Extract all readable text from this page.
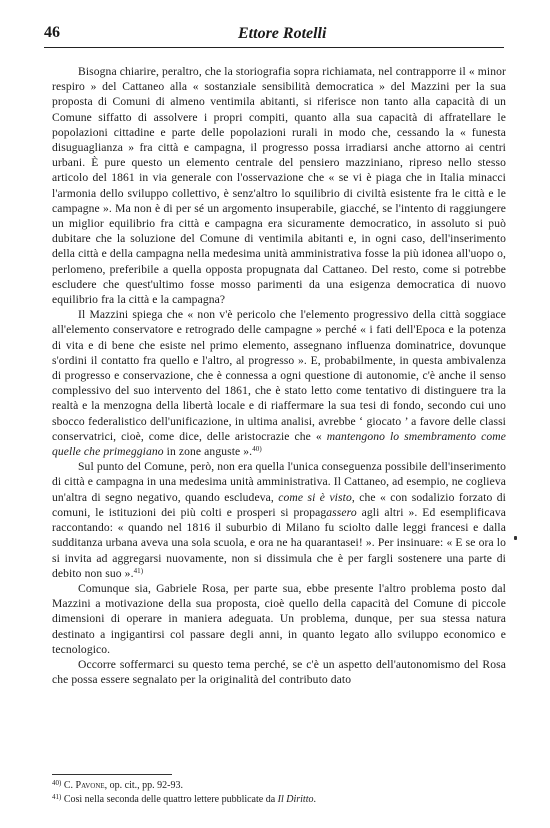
46	Ettore Rotelli

Bisogna chiarire, peraltro, che la storiografia sopra richiamata, nel contrapporre il « minor respiro » del Cattaneo alla « sostanziale sensibilità democratica » del Mazzini per la sua proposta di Comuni di almeno ventimila abitanti, si riferisce non tanto alla capacità di un Comune siffatto di assolvere i propri compiti, quanto alla sua capacità di affratellare le popolazioni cittadine e parte delle popolazioni rurali in modo che, cessando la « funesta disuguaglianza » fra città e campagna, il progresso possa irradiarsi anche attorno ai centri urbani. È pure questo un elemento centrale del pensiero mazziniano, ripreso nello stesso articolo del 1861 in via generale con l'osservazione che « se vi è piaga che in Italia minacci l'armonia dello sviluppo collettivo, è senz'altro lo squilibrio di civiltà esistente fra le città e le campagne ». Ma non è di per sé un argomento insuperabile, giacché, se l'intento di raggiungere un miglior equilibrio fra città e campagna era sicuramente democratico, in assoluto si può dubitare che la soluzione del Comune di ventimila abitanti e, in ogni caso, dell'inserimento della città e della campagna nella medesima unità amministrativa fosse la più idonea all'uopo o, perlomeno, preferibile a quella opposta propugnata dal Cattaneo. Del resto, come si potrebbe escludere che quest'ultimo fosse mosso parimenti da una esigenza democratica di nuovo equilibrio fra la città e la campagna?

Il Mazzini spiega che « non v'è pericolo che l'elemento progressivo della città soggiace all'elemento conservatore e retrogrado delle campagne » perché « i fati dell'Epoca e la potenza di vita e di bene che esiste nel primo elemento, assegnano influenza dominatrice, dovunque s'ordini il contatto fra quello e l'altro, al progresso ». E, probabilmente, in questa ambivalenza di progresso e conservazione, che è connessa a ogni questione di autonomie, c'è anche il senso complessivo del suo intervento del 1861, che è stato letto come tentativo di distinguere tra la realtà e la menzogna della libertà locale e di riaffermare la sua tesi di fondo, secondo cui uno sbocco federalistico dell'unificazione, in ultima analisi, avrebbe ‘ giocato ’ a favore delle classi conservatrici, cioè, come dice, delle aristocrazie che « mantengono lo smembramento come quelle che primeggiano in zone anguste ».$^{40)}$

Sul punto del Comune, però, non era quella l'unica conseguenza possibile dell'inserimento di città e campagna in una medesima unità amministrativa. Il Cattaneo, ad esempio, ne coglieva un'altra di segno negativo, quando escludeva, come si è visto, che « con sodalizio forzato di comuni, le istituzioni dei più colti e prosperi si propagassero agli altri ». Ed esemplificava raccontando: « quando nel 1816 il suburbio di Milano fu sciolto dalle leggi francesi e dalla sudditanza urbana aveva una sola scuola, e ora ne ha quarantasei! ». Per insinuare: « E se ora lo si invita ad aggregarsi nuovamente, non si dissimula che è per fargli sostenere una parte di debito non suo ».$^{41)}$

Comunque sia, Gabriele Rosa, per parte sua, ebbe presente l'altro problema posto dal Mazzini a motivazione della sua proposta, cioè quello della capacità del Comune di piccole dimensioni di operare in maniera adeguata. Un problema, dunque, per sua stessa natura destinato a ingigantirsi col passare degli anni, in quanto legato allo sviluppo economico e tecnologico.

Occorre soffermarci su questo tema perché, se c'è un aspetto dell'autonomismo del Rosa che possa essere segnalato per la originalità del contributo dato

$^{40)}$ C. Pavone, op. cit., pp. 92-93.
$^{41)}$ Così nella seconda delle quattro lettere pubblicate da Il Diritto.
